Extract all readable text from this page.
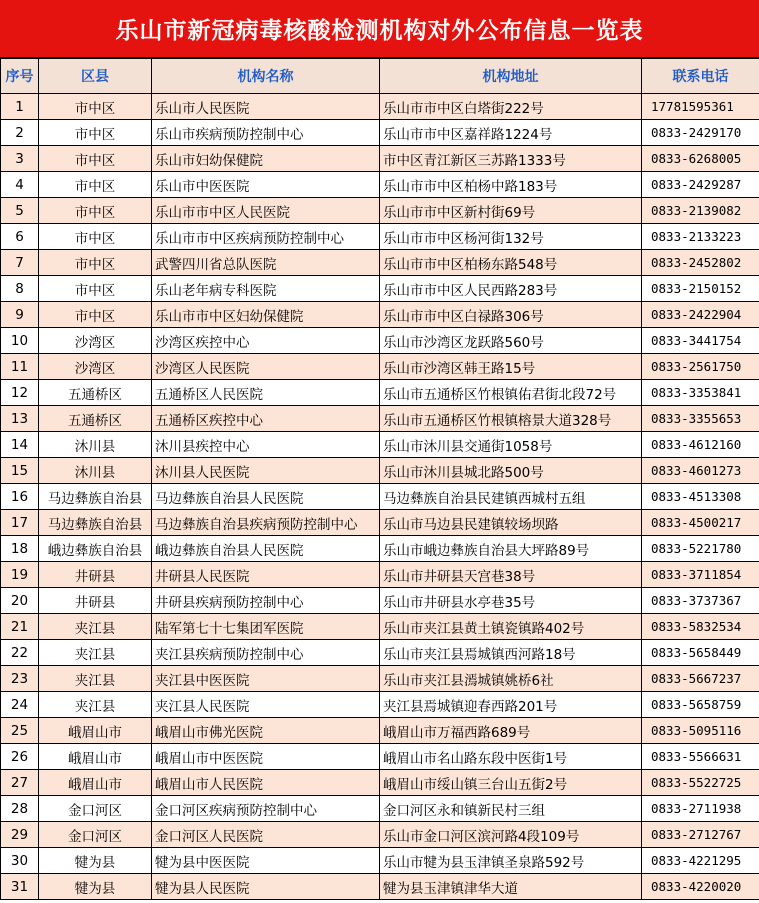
乐山市新冠病毒核酸检测机构对外公布信息一览表
序号	区县	机构名称	机构地址	联系电话
1	市中区	乐山市人民医院	乐山市市中区白塔街222号	17781595361
2	市中区	乐山市疾病预防控制中心	乐山市市中区嘉祥路1224号	0833-2429170
3	市中区	乐山市妇幼保健院	市中区青江新区三苏路1333号	0833-6268005
4	市中区	乐山市中医医院	乐山市市中区柏杨中路183号	0833-2429287
5	市中区	乐山市市中区人民医院	乐山市市中区新村街69号	0833-2139082
6	市中区	乐山市市中区疾病预防控制中心	乐山市市中区杨河街132号	0833-2133223
7	市中区	武警四川省总队医院	乐山市市中区柏杨东路548号	0833-2452802
8	市中区	乐山老年病专科医院	乐山市市中区人民西路283号	0833-2150152
9	市中区	乐山市市中区妇幼保健院	乐山市市中区白禄路306号	0833-2422904
10	沙湾区	沙湾区疾控中心	乐山市沙湾区龙跃路560号	0833-3441754
11	沙湾区	沙湾区人民医院	乐山市沙湾区韩王路15号	0833-2561750
12	五通桥区	五通桥区人民医院	乐山市五通桥区竹根镇佑君街北段72号	0833-3353841
13	五通桥区	五通桥区疾控中心	乐山市五通桥区竹根镇榕景大道328号	0833-3355653
14	沐川县	沐川县疾控中心	乐山市沐川县交通街1058号	0833-4612160
15	沐川县	沐川县人民医院	乐山市沐川县城北路500号	0833-4601273
16	马边彝族自治县	马边彝族自治县人民医院	马边彝族自治县民建镇西城村五组	0833-4513308
17	马边彝族自治县	马边彝族自治县疾病预防控制中心	乐山市马边县民建镇较场坝路	0833-4500217
18	峨边彝族自治县	峨边彝族自治县人民医院	乐山市峨边彝族自治县大坪路89号	0833-5221780
19	井研县	井研县人民医院	乐山市井研县天宫巷38号	0833-3711854
20	井研县	井研县疾病预防控制中心	乐山市井研县水亭巷35号	0833-3737367
21	夹江县	陆军第七十七集团军医院	乐山市夹江县黄土镇瓷镇路402号	0833-5832534
22	夹江县	夹江县疾病预防控制中心	乐山市夹江县焉城镇西河路18号	0833-5658449
23	夹江县	夹江县中医医院	乐山市夹江县漹城镇姚桥6社	0833-5667237
24	夹江县	夹江县人民医院	夹江县焉城镇迎春西路201号	0833-5658759
25	峨眉山市	峨眉山市佛光医院	峨眉山市万福西路689号	0833-5095116
26	峨眉山市	峨眉山市中医医院	峨眉山市名山路东段中医街1号	0833-5566631
27	峨眉山市	峨眉山市人民医院	峨眉山市绥山镇三台山五街2号	0833-5522725
28	金口河区	金口河区疾病预防控制中心	金口河区永和镇新民村三组	0833-2711938
29	金口河区	金口河区人民医院	乐山市金口河区滨河路4段109号	0833-2712767
30	犍为县	犍为县中医医院	乐山市犍为县玉津镇圣泉路592号	0833-4221295
31	犍为县	犍为县人民医院	犍为县玉津镇津华大道	0833-4220020
